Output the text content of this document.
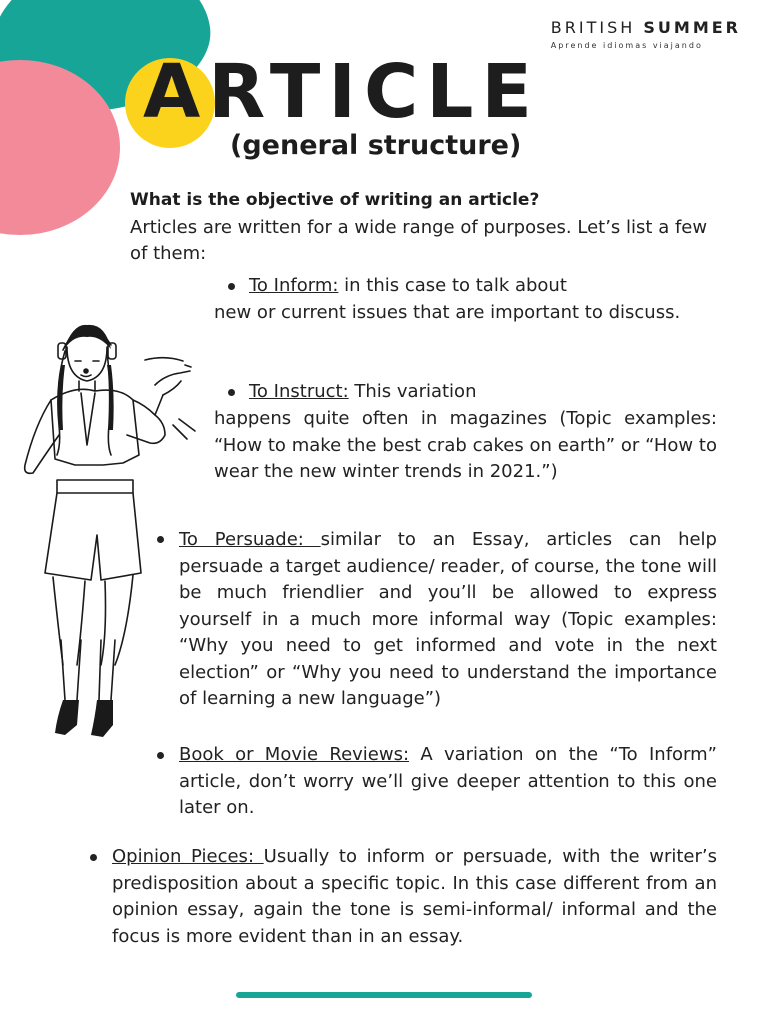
BRITISH SUMMER
Aprende idiomas viajando
ARTICLE
(general structure)
What is the objective of writing an article?
Articles are written for a wide range of purposes. Let’s list a few of them:
To Inform: in this case to talk about
new or current issues that are important to discuss.
To Instruct: This variation
happens quite often in magazines (Topic examples: “How to make the best crab cakes on earth” or “How to wear the new winter trends in 2021.”)
To Persuade: similar to an Essay, articles can help persuade a target audience/ reader, of course, the tone will be much friendlier and you’ll be allowed to express yourself in a much more informal way (Topic examples: “Why you need to get informed and vote in the next election” or “Why you need to understand the importance of learning a new language”)
Book or Movie Reviews: A variation on the “To Inform” article, don’t worry we’ll give deeper attention to this one later on.
Opinion Pieces: Usually to inform or persuade, with the writer’s predisposition about a specific topic. In this case different from an opinion essay, again the tone is semi-informal/ informal and the focus is more evident than in an essay.
